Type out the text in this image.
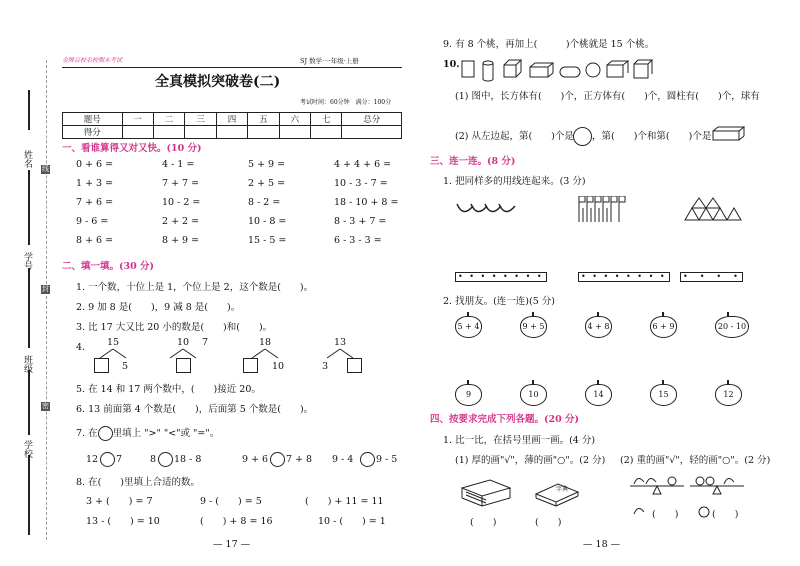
姓名
学号
班级
学校
线
封
密
金牌百校名校期末考试	SJ 数学·一年级·上册
全真模拟突破卷(二)
考试时间：60分钟　满分：100分
题号	一	二	三	四	五	六	七	总分
得分								
一、看谁算得又对又快。(10 分)
0 + 6 =	4 - 1 =	5 + 9 =	4 + 4 + 6 =
1 + 3 =	7 + 7 =	2 + 5 =	10 - 3 - 7 =
7 + 6 =	10 - 2 =	8 - 2 =	18 - 10 + 8 =
9 - 6 =	2 + 2 =	10 - 8 =	8 - 3 + 7 =
8 + 6 =	8 + 9 =	15 - 5 =	6 - 3 - 3 =
二、填一填。(30 分)
1. 一个数，十位上是 1，个位上是 2，这个数是(　　)。
2. 9 加 8 是(　　)，9 减 8 是(　　)。
3. 比 17 大又比 20 小的数是(　　)和(　　)。
4. 15
5
10 7	18
10
13
3
5. 在 14 和 17 两个数中，(　　)接近 20。
6. 13 前面第 4 个数是(　　)，后面第 5 个数是(　　)。
7. 在 里填上 ">" "<"或 "="。
12 7	8 18 - 8	9 + 6 7 + 8 9 - 4 9 - 5
8. 在(　　)里填上合适的数。
3 + (　　) = 7	9 - (　　) = 5	(　　) + 11 = 11
13 - (　　) = 10	(　　) + 8 = 16	10 - (　　) = 1
— 17 —
9. 有 8 个桃，再加上(　　　)个桃就是 15 个桃。
10.
(1) 图中，长方体有(　　)个，正方体有(　　)个，圆柱有(　　)个，球有
(2) 从左边起，第(　　)个是 ，第(　　)个和第(　　)个是
三、连一连。(8 分)
1. 把同样多的用线连起来。(3 分)
• • • • • • • •	• • • • • • • •	•　•　•　•
2. 找朋友。(连一连)(5 分)
5 + 4	9 + 5	4 + 8	6 + 9	20 - 10
9	10	14	15	12
四、按要求完成下列各题。(20 分)
1. 比一比，在括号里画一画。(4 分)
(1) 厚的画"√"，薄的画"○"。(2 分) (2) 重的画"√"，轻的画"○"。(2 分)
字典
(　　)	(　　)
(　　)	(　　)
— 18 —
